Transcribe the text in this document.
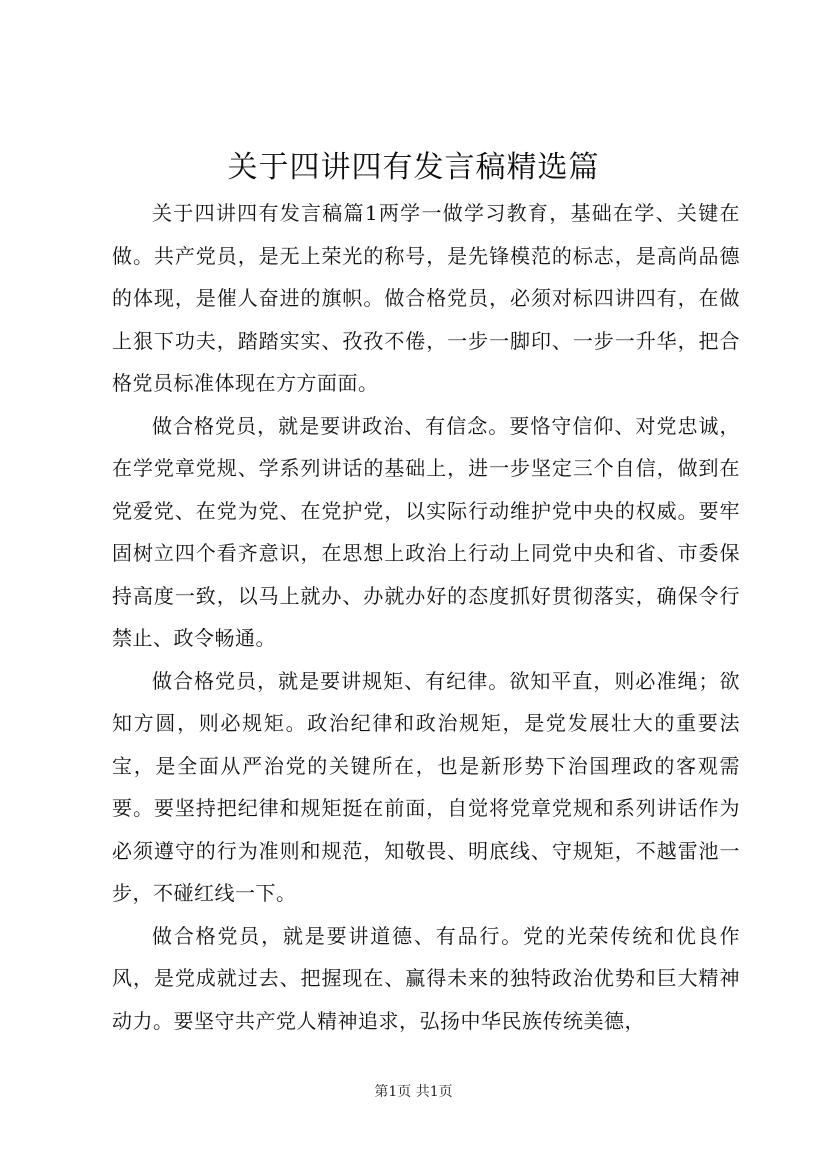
关于四讲四有发言稿精选篇

关于四讲四有发言稿篇1两学一做学习教育，基础在学、关键在做。共产党员，是无上荣光的称号，是先锋模范的标志，是高尚品德的体现，是催人奋进的旗帜。做合格党员，必须对标四讲四有，在做上狠下功夫，踏踏实实、孜孜不倦，一步一脚印、一步一升华，把合格党员标准体现在方方面面。

做合格党员，就是要讲政治、有信念。要恪守信仰、对党忠诚，在学党章党规、学系列讲话的基础上，进一步坚定三个自信，做到在党爱党、在党为党、在党护党，以实际行动维护党中央的权威。要牢固树立四个看齐意识，在思想上政治上行动上同党中央和省、市委保持高度一致，以马上就办、办就办好的态度抓好贯彻落实，确保令行禁止、政令畅通。

做合格党员，就是要讲规矩、有纪律。欲知平直，则必准绳；欲知方圆，则必规矩。政治纪律和政治规矩，是党发展壮大的重要法宝，是全面从严治党的关键所在，也是新形势下治国理政的客观需要。要坚持把纪律和规矩挺在前面，自觉将党章党规和系列讲话作为必须遵守的行为准则和规范，知敬畏、明底线、守规矩，不越雷池一步，不碰红线一下。

做合格党员，就是要讲道德、有品行。党的光荣传统和优良作风，是党成就过去、把握现在、赢得未来的独特政治优势和巨大精神动力。要坚守共产党人精神追求，弘扬中华民族传统美德，

第1页 共1页
